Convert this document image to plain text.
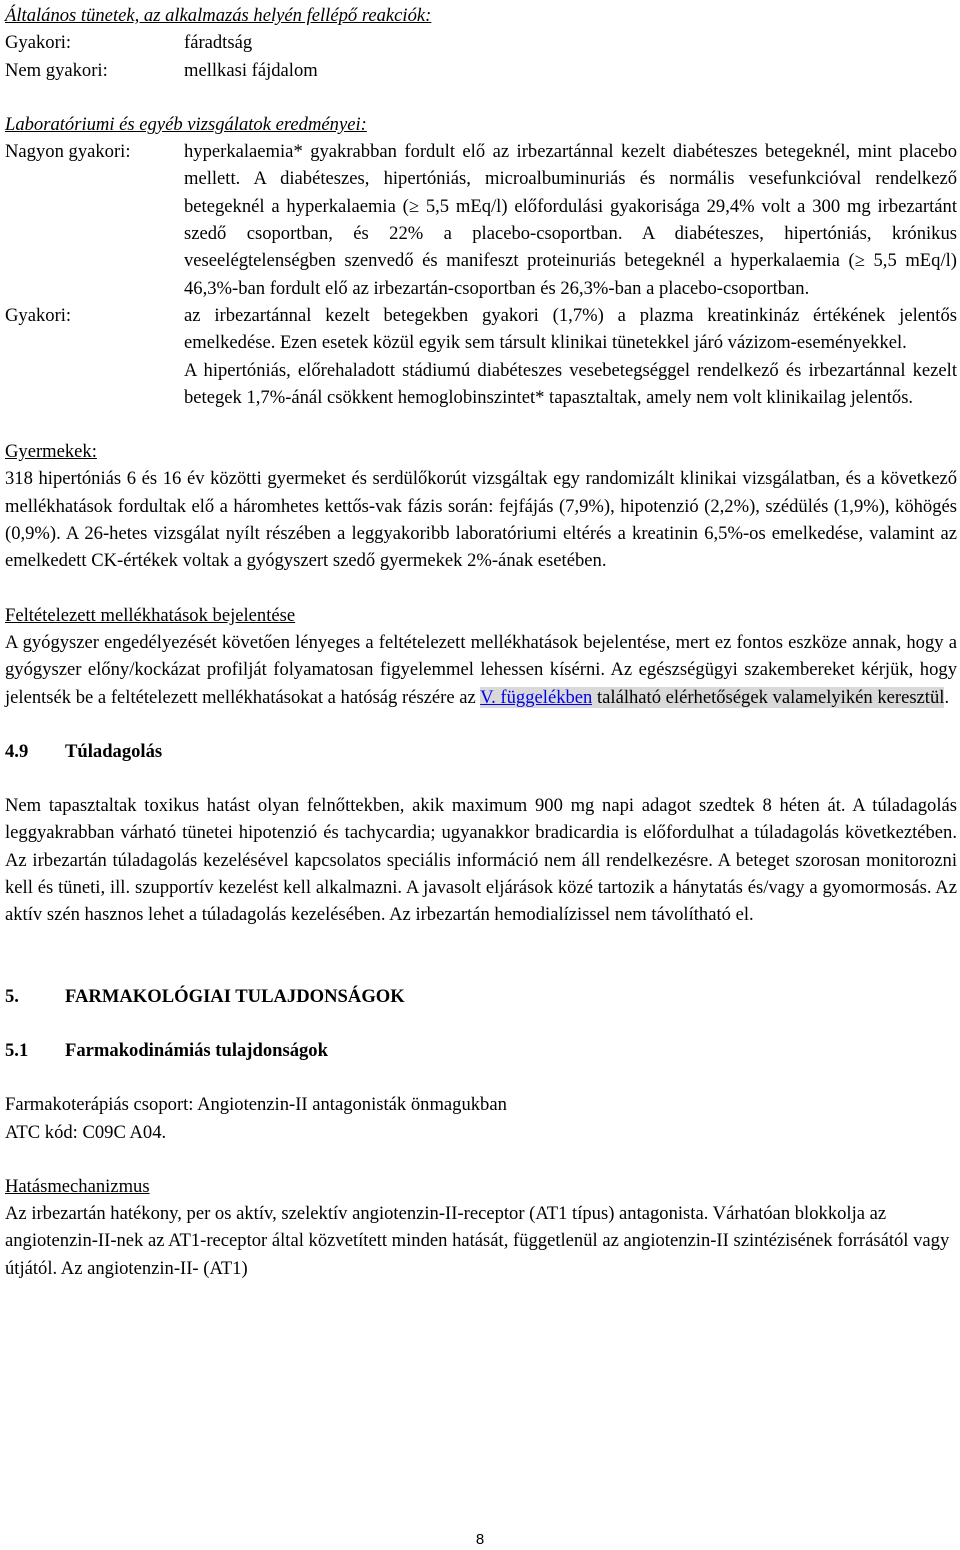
Általános tünetek, az alkalmazás helyén fellépő reakciók:

Gyakori:	fáradtság
Nem gyakori:	mellkasi fájdalom

Laboratóriumi és egyéb vizsgálatok eredményei:

Nagyon gyakori:	hyperkalaemia* gyakrabban fordult elő az irbezartánnal kezelt diabéteszes betegeknél, mint placebo mellett. A diabéteszes, hipertóniás, microalbuminuriás és normális vesefunkcióval rendelkező betegeknél a hyperkalaemia (≥ 5,5 mEq/l) előfordulási gyakorisága 29,4% volt a 300 mg irbezartánt szedő csoportban, és 22% a placebo-csoportban. A diabéteszes, hipertóniás, krónikus veseelégtelenségben szenvedő és manifeszt proteinuriás betegeknél a hyperkalaemia (≥ 5,5 mEq/l) 46,3%-ban fordult elő az irbezartán-csoportban és 26,3%-ban a placebo-csoportban.
Gyakori:	az irbezartánnal kezelt betegekben gyakori (1,7%) a plazma kreatinkináz értékének jelentős emelkedése. Ezen esetek közül egyik sem társult klinikai tünetekkel járó vázizom-eseményekkel.
A hipertóniás, előrehaladott stádiumú diabéteszes vesebetegséggel rendelkező és irbezartánnal kezelt betegek 1,7%-ánál csökkent hemoglobinszintet* tapasztaltak, amely nem volt klinikailag jelentős.

Gyermekek:

318 hipertóniás 6 és 16 év közötti gyermeket és serdülőkorút vizsgáltak egy randomizált klinikai vizsgálatban, és a következő mellékhatások fordultak elő a háromhetes kettős-vak fázis során: fejfájás (7,9%), hipotenzió (2,2%), szédülés (1,9%), köhögés (0,9%). A 26-hetes vizsgálat nyílt részében a leggyakoribb laboratóriumi eltérés a kreatinin 6,5%-os emelkedése, valamint az emelkedett CK-értékek voltak a gyógyszert szedő gyermekek 2%-ának esetében.

Feltételezett mellékhatások bejelentése

A gyógyszer engedélyezését követően lényeges a feltételezett mellékhatások bejelentése, mert ez fontos eszköze annak, hogy a gyógyszer előny/kockázat profilját folyamatosan figyelemmel lehessen kísérni. Az egészségügyi szakembereket kérjük, hogy jelentsék be a feltételezett mellékhatásokat a hatóság részére az V. függelékben található elérhetőségek valamelyikén keresztül.

4.9	Túladagolás

Nem tapasztaltak toxikus hatást olyan felnőttekben, akik maximum 900 mg napi adagot szedtek 8 héten át. A túladagolás leggyakrabban várható tünetei hipotenzió és tachycardia; ugyanakkor bradicardia is előfordulhat a túladagolás következtében. Az irbezartán túladagolás kezelésével kapcsolatos speciális információ nem áll rendelkezésre. A beteget szorosan monitorozni kell és tüneti, ill. szupportív kezelést kell alkalmazni. A javasolt eljárások közé tartozik a hánytatás és/vagy a gyomormosás. Az aktív szén hasznos lehet a túladagolás kezelésében. Az irbezartán hemodialízissel nem távolítható el.

5.	FARMAKOLÓGIAI TULAJDONSÁGOK
5.1	Farmakodinámiás tulajdonságok

Farmakoterápiás csoport: Angiotenzin-II antagonisták önmagukban

ATC kód: C09C A04.

Hatásmechanizmus

Az irbezartán hatékony, per os aktív, szelektív angiotenzin-II-receptor (AT1 típus) antagonista. Várhatóan blokkolja az angiotenzin-II-nek az AT1-receptor által közvetített minden hatását, függetlenül az angiotenzin-II szintézisének forrásától vagy útjától. Az angiotenzin-II- (AT1)

8
